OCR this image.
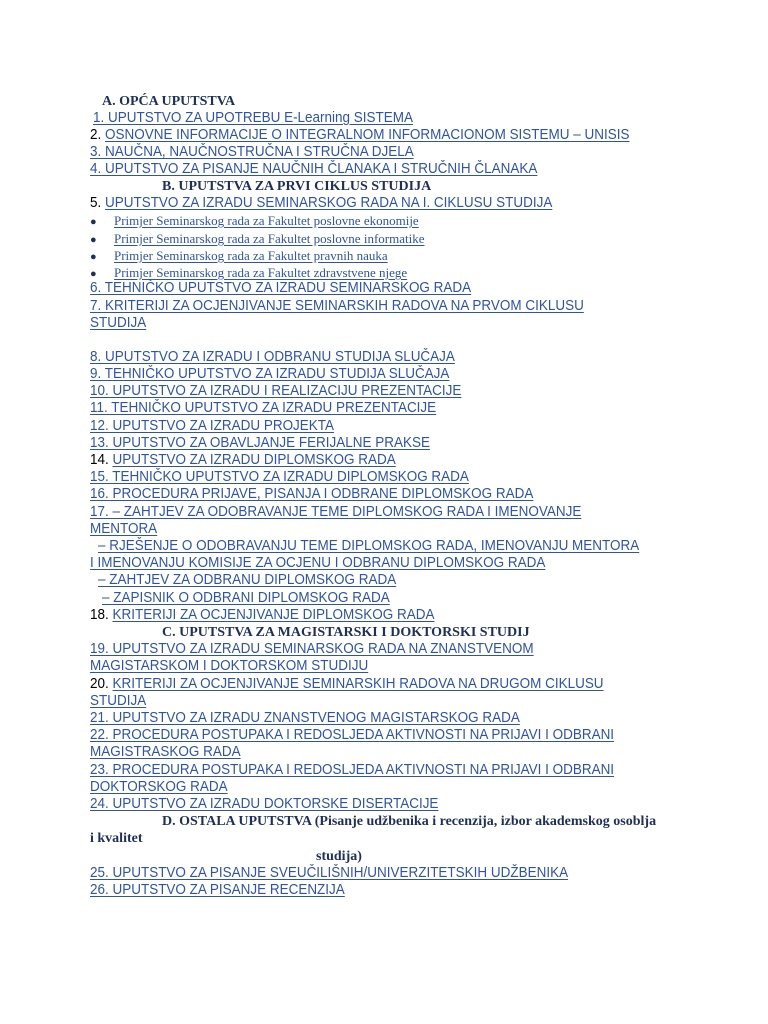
A. OPĆA UPUTSTVA

1. UPUTSTVO ZA UPOTREBU E-Learning SISTEMA

2. OSNOVNE INFORMACIJE O INTEGRALNOM INFORMACIONOM SISTEMU – UNISIS

3. NAUČNA, NAUČNOSTRUČNA I STRUČNA DJELA

4. UPUTSTVO ZA PISANJE NAUČNIH ČLANAKA I STRUČNIH ČLANAKA

B. UPUTSTVA ZA PRVI CIKLUS STUDIJA

5. UPUTSTVO ZA IZRADU SEMINARSKOG RADA NA I. CIKLUSU STUDIJA

● Primjer Seminarskog rada za Fakultet poslovne ekonomije

● Primjer Seminarskog rada za Fakultet poslovne informatike

● Primjer Seminarskog rada za Fakultet pravnih nauka

● Primjer Seminarskog rada za Fakultet zdravstvene njege

6. TEHNIČKO UPUTSTVO ZA IZRADU SEMINARSKOG RADA

7. KRITERIJI ZA OCJENJIVANJE SEMINARSKIH RADOVA NA PRVOM CIKLUSU

STUDIJA

8. UPUTSTVO ZA IZRADU I ODBRANU STUDIJA SLUČAJA

9. TEHNIČKO UPUTSTVO ZA IZRADU STUDIJA SLUČAJA

10. UPUTSTVO ZA IZRADU I REALIZACIJU PREZENTACIJE

11. TEHNIČKO UPUTSTVO ZA IZRADU PREZENTACIJE

12. UPUTSTVO ZA IZRADU PROJEKTA

13. UPUTSTVO ZA OBAVLJANJE FERIJALNE PRAKSE

14. UPUTSTVO ZA IZRADU DIPLOMSKOG RADA

15. TEHNIČKO UPUTSTVO ZA IZRADU DIPLOMSKOG RADA

16. PROCEDURA PRIJAVE, PISANJA I ODBRANE DIPLOMSKOG RADA

17. – ZAHTJEV ZA ODOBRAVANJE TEME DIPLOMSKOG RADA I IMENOVANJE

MENTORA

– RJEŠENJE O ODOBRAVANJU TEME DIPLOMSKOG RADA, IMENOVANJU MENTORA

I IMENOVANJU KOMISIJE ZA OCJENU I ODBRANU DIPLOMSKOG RADA

– ZAHTJEV ZA ODBRANU DIPLOMSKOG RADA

– ZAPISNIK O ODBRANI DIPLOMSKOG RADA

18. KRITERIJI ZA OCJENJIVANJE DIPLOMSKOG RADA

C. UPUTSTVA ZA MAGISTARSKI I DOKTORSKI STUDIJ

19. UPUTSTVO ZA IZRADU SEMINARSKOG RADA NA ZNANSTVENOM

MAGISTARSKOM I DOKTORSKOM STUDIJU

20. KRITERIJI ZA OCJENJIVANJE SEMINARSKIH RADOVA NA DRUGOM CIKLUSU

STUDIJA

21. UPUTSTVO ZA IZRADU ZNANSTVENOG MAGISTARSKOG RADA

22. PROCEDURA POSTUPAKA I REDOSLJEDA AKTIVNOSTI NA PRIJAVI I ODBRANI

MAGISTRASKOG RADA

23. PROCEDURA POSTUPAKA I REDOSLJEDA AKTIVNOSTI NA PRIJAVI I ODBRANI

DOKTORSKOG RADA

24. UPUTSTVO ZA IZRADU DOKTORSKE DISERTACIJE

D. OSTALA UPUTSTVA (Pisanje udžbenika i recenzija, izbor akademskog osoblja

i kvalitet

studija)

25. UPUTSTVO ZA PISANJE SVEUČILIŠNIH/UNIVERZITETSKIH UDŽBENIKA

26. UPUTSTVO ZA PISANJE RECENZIJA
